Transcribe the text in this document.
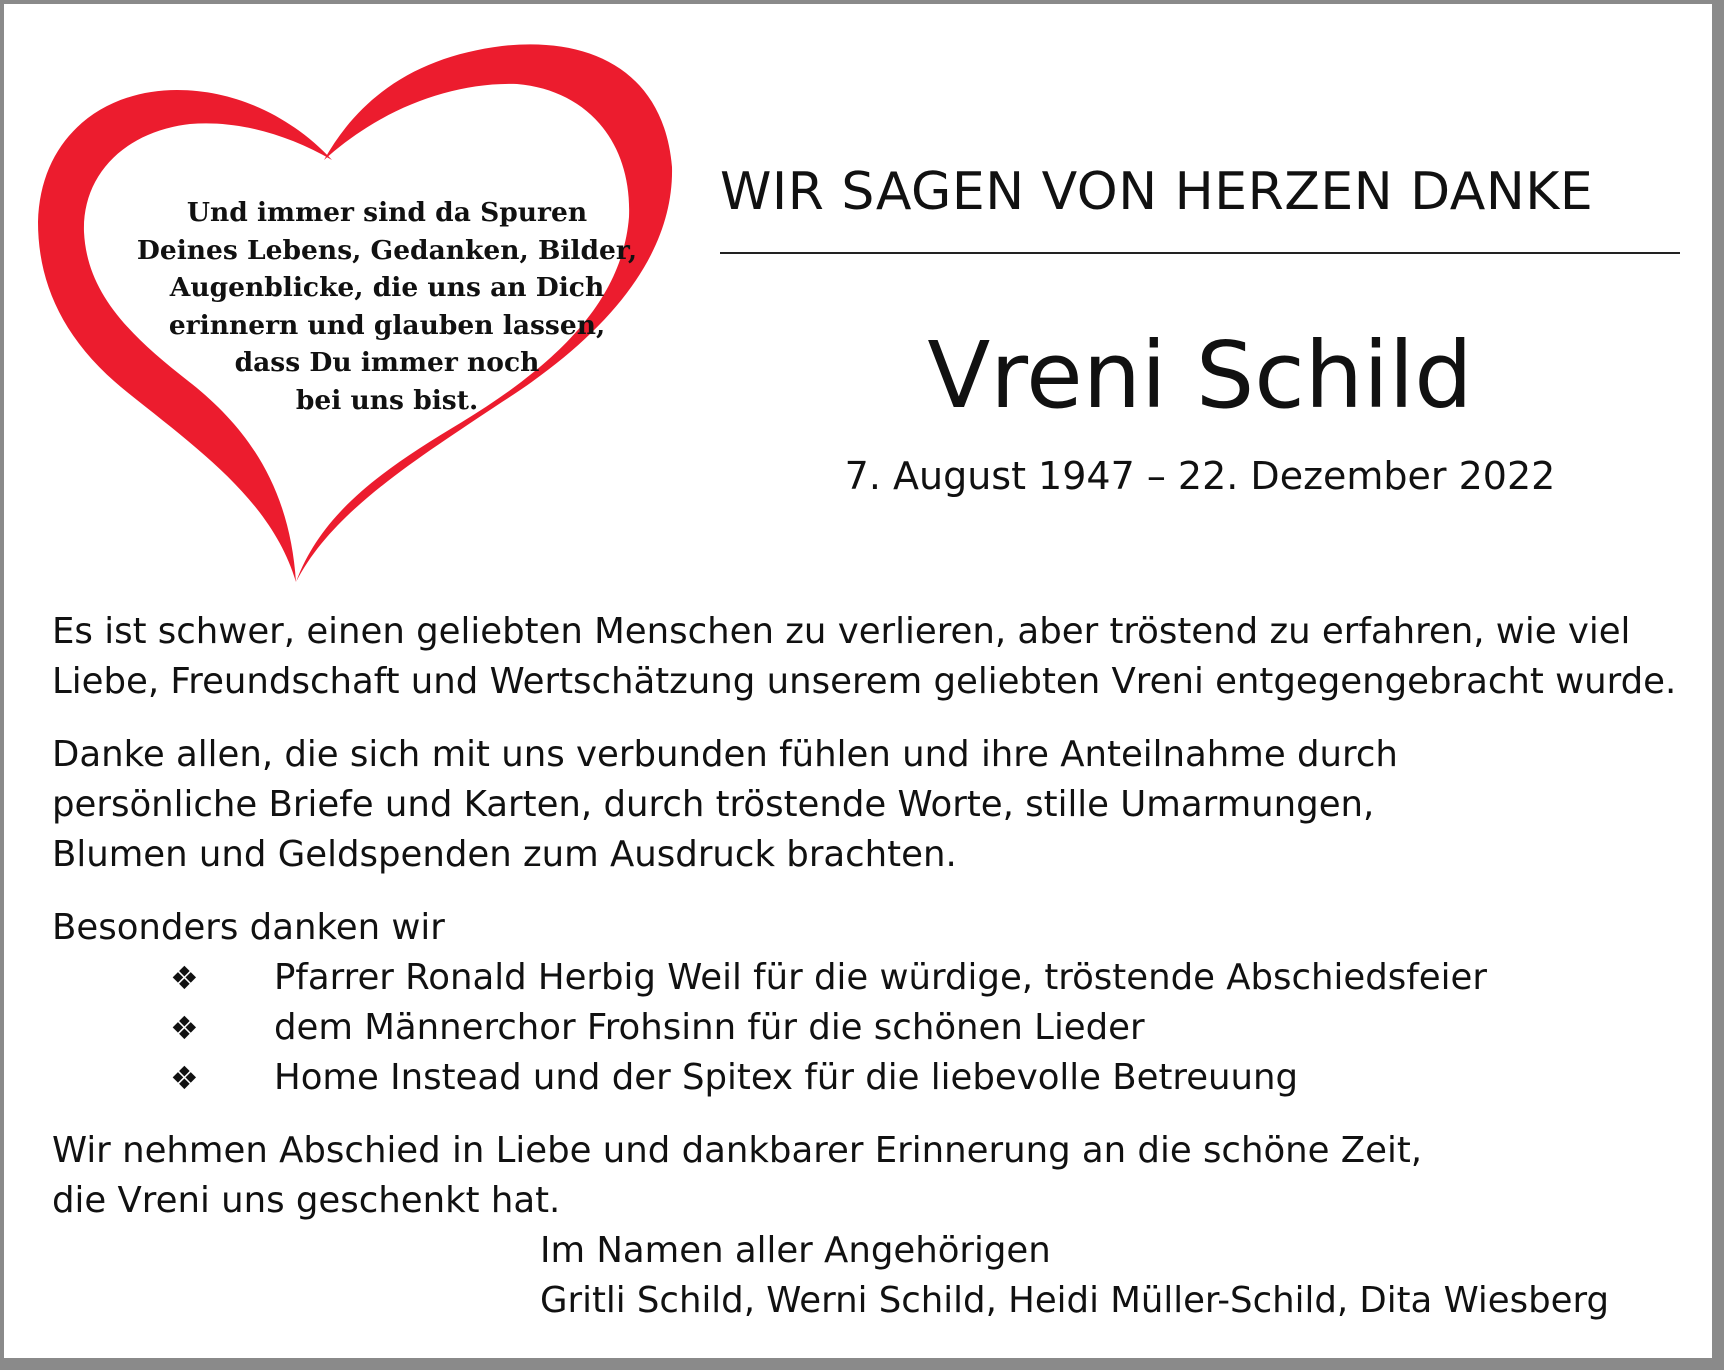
Und immer sind da Spuren
Deines Lebens, Gedanken, Bilder,
Augenblicke, die uns an Dich
erinnern und glauben lassen,
dass Du immer noch
bei uns bist.
WIR SAGEN VON HERZEN DANKE
Vreni Schild
7. August 1947 – 22. Dezember 2022
Es ist schwer, einen geliebten Menschen zu verlieren, aber tröstend zu erfahren, wie viel
Liebe, Freundschaft und Wertschätzung unserem geliebten Vreni entgegengebracht wurde.
Danke allen, die sich mit uns verbunden fühlen und ihre Anteilnahme durch
persönliche Briefe und Karten, durch tröstende Worte, stille Umarmungen,
Blumen und Geldspenden zum Ausdruck brachten.
Besonders danken wir
❖	Pfarrer Ronald Herbig Weil für die würdige, tröstende Abschiedsfeier
❖	dem Männerchor Frohsinn für die schönen Lieder
❖	Home Instead und der Spitex für die liebevolle Betreuung
Wir nehmen Abschied in Liebe und dankbarer Erinnerung an die schöne Zeit,
die Vreni uns geschenkt hat.
Im Namen aller Angehörigen
Gritli Schild, Werni Schild, Heidi Müller-Schild, Dita Wiesberg
